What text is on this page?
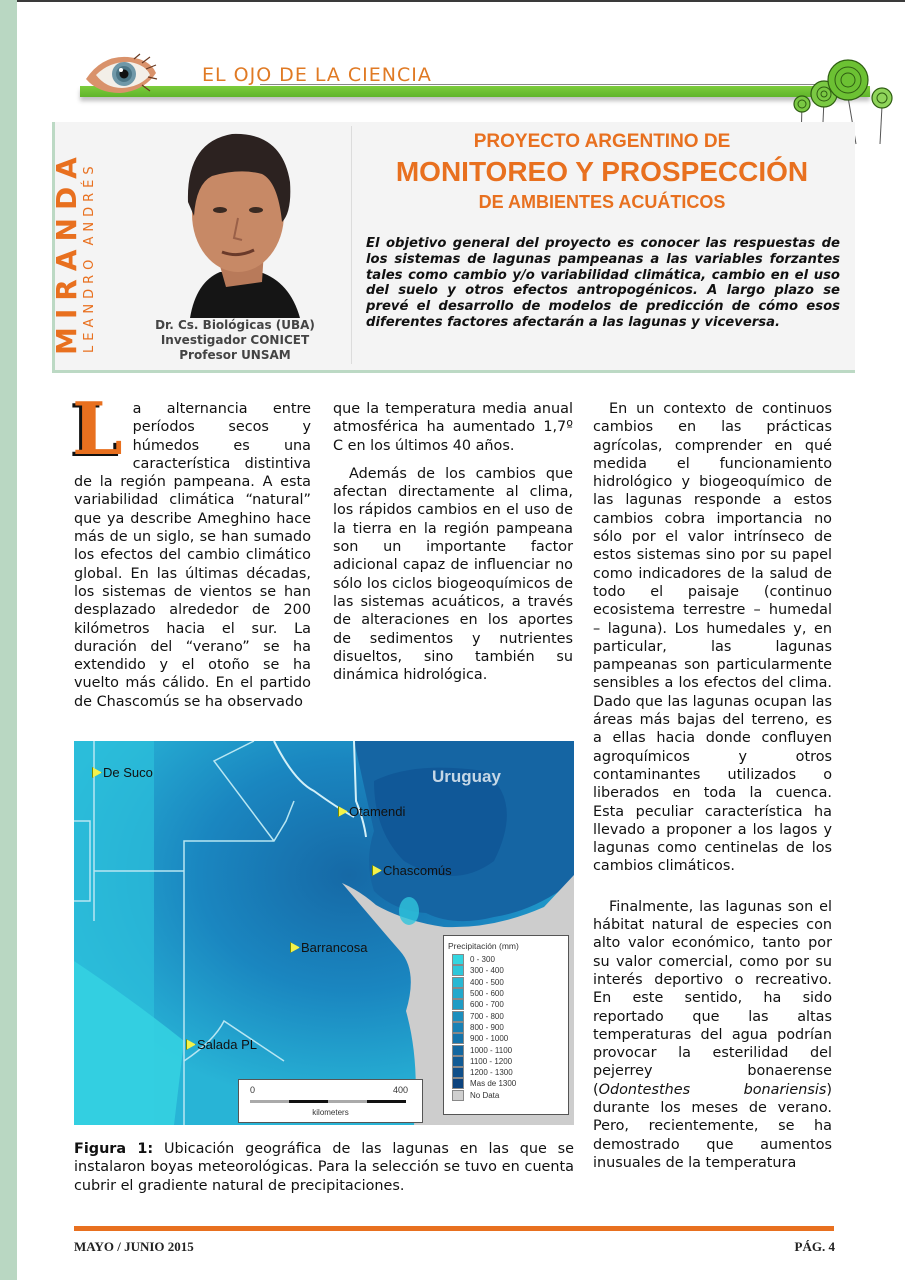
EL OJO DE LA CIENCIA
MIRANDA LEANDRO ANDRÉS	Dr. Cs. Biológicas (UBA)
Investigador CONICET
Profesor UNSAM
PROYECTO ARGENTINO DE
MONITOREO Y PROSPECCIÓN
DE AMBIENTES ACUÁTICOS
El objetivo general del proyecto es conocer las respuestas de los sistemas de lagunas pampeanas a las variables forzantes tales como cambio y/o variabilidad climática, cambio en el uso del suelo y otros efectos antropogénicos. A largo plazo se prevé el desarrollo de modelos de predicción de cómo esos diferentes factores afectarán a las lagunas y viceversa.

La alternancia entre períodos secos y húmedos es una característica distintiva de la región pampeana. A esta variabilidad climática “natural” que ya describe Ameghino hace más de un siglo, se han sumado los efectos del cambio climático global. En las últimas décadas, los sistemas de vientos se han desplazado alrededor de 200 kilómetros hacia el sur. La duración del “verano” se ha extendido y el otoño se ha vuelto más cálido. En el partido de Chascomús se ha observado

que la temperatura media anual atmosférica ha aumentado 1,7º C en los últimos 40 años.

Además de los cambios que afectan directamente al clima, los rápidos cambios en el uso de la tierra en la región pampeana son un importante factor adicional capaz de influenciar no sólo los ciclos biogeoquímicos de las sistemas acuáticos, a través de alteraciones en los aportes de sedimentos y nutrientes disueltos, sino también su dinámica hidrológica.

En un contexto de continuos cambios en las prácticas agrícolas, comprender en qué medida el funcionamiento hidrológico y biogeoquímico de las lagunas responde a estos cambios cobra importancia no sólo por el valor intrínseco de estos sistemas sino por su papel como indicadores de la salud de todo el paisaje (continuo ecosistema terrestre – humedal – laguna). Los humedales y, en particular, las lagunas pampeanas son particularmente sensibles a los efectos del clima. Dado que las lagunas ocupan las áreas más bajas del terreno, es a ellas hacia donde confluyen agroquímicos y otros contaminantes utilizados o liberados en toda la cuenca. Esta peculiar característica ha llevado a proponer a los lagos y lagunas como centinelas de los cambios climáticos.

Finalmente, las lagunas son el hábitat natural de especies con alto valor económico, tanto por su valor comercial, como por su interés deportivo o recreativo. En este sentido, ha sido reportado que las altas temperaturas del agua podrían provocar la esterilidad del pejerrey bonaerense (Odontesthes bonariensis) durante los meses de verano. Pero, recientemente, se ha demostrado que aumentos inusuales de la temperatura

Uruguay
De Suco
Otamendi
Chascomús
Barrancosa
Salada PL
Precipitación (mm)
0 - 300
300 - 400
400 - 500
500 - 600
600 - 700
700 - 800
800 - 900
900 - 1000
1000 - 1100
1100 - 1200
1200 - 1300
Mas de 1300
No Data
0	400
kilometers
Figura 1: Ubicación geográfica de las lagunas en las que se instalaron boyas meteorológicas. Para la selección se tuvo en cuenta cubrir el gradiente natural de precipitaciones.
MAYO / JUNIO 2015	PÁG. 4
